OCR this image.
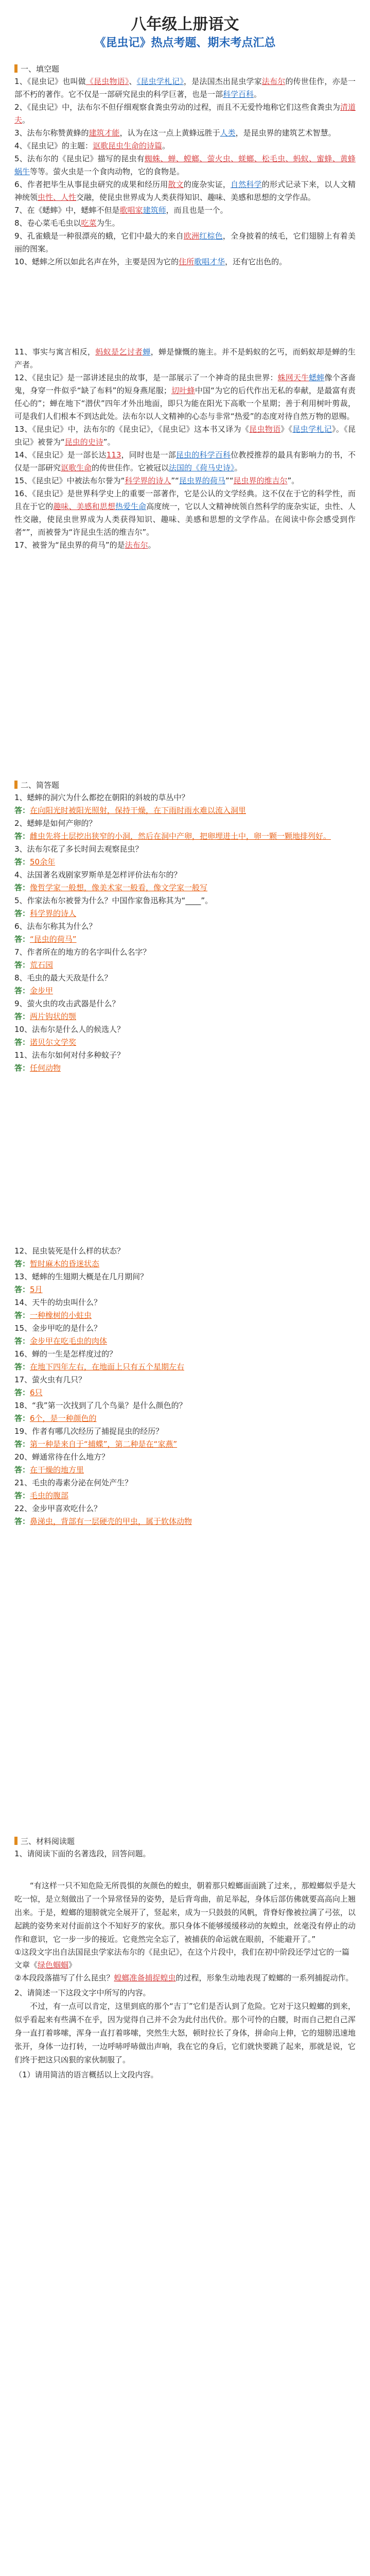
八年级上册语文
《昆虫记》热点考题、期末考点汇总
一、填空题
1、《昆虫记》也叫做《昆虫物语》、《昆虫学札记》，是法国杰出昆虫学家法布尔的传世佳作，亦是一部不朽的著作。它不仅是一部研究昆虫的科学巨著，也是一部科学百科。
2、《昆虫记》中，法布尔不但仔细观察食粪虫劳动的过程，而且不无爱怜地称它们这些食粪虫为清道夫。
3、法布尔称赞黄蜂的建筑才能，认为在这一点上黄蜂远胜于人类，是昆虫界的建筑艺术智慧。
4、《昆虫记》的主题：讴歌昆虫生命的诗篇。
5、法布尔的《昆虫记》描写的昆虫有蜘蛛、蝉、螳螂、萤火虫、蜣螂、松毛虫、蚂蚁、蜜蜂、黄蜂蜗牛等等。萤火虫是一个食肉动物，它的食物是。
6、作者把毕生从事昆虫研究的成果和经历用散文的庞杂实证，自然科学的形式记录下来，以人文精神统领虫性、人性交融，使昆虫世界成为人类获得知识、趣味、美感和思想的文学作品。
7、在《蟋蟀》中，蟋蟀不但是歌唱家建筑师，而且也是一个。
8、卷心菜毛毛虫以吃菜为生。
9、孔雀蛾是一种很漂亮的蛾，它们中最大的来自欧洲红棕色，全身披着的绒毛，它们翅膀上有着美丽的图案。
10、蟋蟀之所以如此名声在外，主要是因为它的住所歌唱才华，还有它出色的。
11、事实与寓言相反，蚂蚁是乞讨者蝉，蝉是慷慨的施主。并不是蚂蚁的乞丐，而蚂蚁却是蝉的生产者。
12、《昆虫记》是一部讲述昆虫的故事，是一部展示了一个神奇的昆虫世界：蛛网天牛蟋蟀像个吝啬鬼，身穿一件似乎“缺了布料”的短身燕尾服；切叶蜂中国“为它的后代作出无私的奉献，是最富有责任心的”；蝉在地下“潜伏”四年才外出地面，即只为能在阳光下高歌一个星期；善于利用树叶剪裁，可是我们人们根本不到达此处。法布尔以人文精神的心态与非常“热爱”的态度对待自然万物的恩赐。
13、《昆虫记》中，法布尔的《昆虫记》，《昆虫记》这本书又译为《昆虫物语》《昆虫学札记》。《昆虫记》被誉为“昆虫的史诗”。
14、《昆虫记》是一部长达113，同时也是一部昆虫的科学百科位教授推荐的最具有影响力的书，不仅是一部研究讴歌生命的传世佳作。它被冠以法国的《荷马史诗》。
15、《昆虫记》中被法布尔誉为“科学界的诗人”“昆虫界的荷马”“昆虫界的维吉尔”。
16、《昆虫记》是世界科学史上的重要一部著作，它是公认的文学经典。这不仅在于它的科学性，而且在于它的趣味、美感和思想热爱生命高度统一，它以人文精神统领自然科学的庞杂实证，虫性、人性交融，使昆虫世界成为人类获得知识、趣味、美感和思想的文学作品。在阅读中你会感受到作者“”，而被誉为“许昆虫生活的维吉尔”。
17、被誉为“昆虫界的荷马”的是法布尔。
二、简答题
1、蟋蟀的洞穴为什么都挖在朝阳的斜坡的草丛中？
答：在向阳光时被阳光照射，保持干燥，在下雨时雨水难以流入洞里
2、蟋蟀是如何产卵的？
答：雌虫先将土层挖出狭窄的小洞，然后在洞中产卵，把卵埋进土中，卵一颗一颗地排列好。
3、法布尔花了多长时间去观察昆虫？
答：50余年
4、法国著名戏剧家罗斯单是怎样评价法布尔的？
答：像哲学家一般想，像美术家一般看，像文学家一般写
5、作家法布尔被誉为什么？中国作家鲁迅称其为“____”。
答：科学界的诗人
6、法布尔称其为什么？
答：“昆虫的荷马”
7、作者所在的地方的名字叫什么名字？
答：荒石园
8、毛虫的最大天敌是什么？
答：金步甲
9、萤火虫的攻击武器是什么？
答：两片钩状的颚
10、法布尔是什么人的候选人？
答：诺贝尔文学奖
11、法布尔如何对付多种蚊子？
答：任何动物
12、昆虫装死是什么样的状态？
答：暂时麻木的昏迷状态
13、蟋蟀的生翅期大概是在几月期间？
答：5月
14、天牛的幼虫叫什么？
答：一种橡树的小蛀虫
15、金步甲吃的是什么？
答：金步甲在吃毛虫的肉体
16、蝉的一生是怎样度过的？
答：在地下四年左右，在地面上只有五个星期左右
17、萤火虫有几只？
答：6只
18、“我”第一次找到了几个鸟巢？是什么颜色的？
答：6个，是一种颜色的
19、作者有哪几次经历了捕捉昆虫的经历？
答：第一种是来自于“捕蝶”，第二种是在“家燕”
20、蝉通常待在什么地方？
答：在干燥的地方里
21、毛虫的毒素分泌在何处产生？
答：毛虫的腹部
22、金步甲喜欢吃什么？
答：鼻涕虫，背部有一层硬壳的甲虫，属于软体动物
三、材料阅读题
1、请阅读下面的名著选段，回答问题。
“有这样一只不知危险无所畏惧的灰颜色的蝗虫，朝着那只蝗螂面面跳了过来，，那蝗螂似乎是大吃一惊，是立刻做出了一个异常怪异的姿势，是后背弯曲，前足举起，身体后部仿佛就要高高向上翘出来。于是，蝗螂的翅膀就完全展开了，竖起来，成为一只鼓鼓的风帆，背脊好像被拉满了弓弦，以起跳的姿势来对付面前这个不知好歹的家伙。那只身体不能够缓缓移动的灰蝗虫，丝毫没有停止的动作和意识，它一步一步的接近。它竟然完全忘了，被捕获的命运就在眼前，不能避开了。”
①这段文字出自法国昆虫学家法布尔的《昆虫记》，在这个片段中，我们在初中阶段还学过它的一篇文章《绿色蝈蝈》
②本段段落描写了什么昆虫？蝗螂准备捕捉蝗虫的过程，形象生动地表现了蝗螂的一系列捕捉动作。
2、请简述一下这段文字中所写的内容。
不过，有一点可以肯定，这里到底的那个“吉丁”它们是否认到了危险。它对于这只蝗螂的到来，似乎看起来有些满不在乎，因为觉得自己并不会为此付出代价。那个可怜的白腰，时而自己把自己浑身一直打着哆嗦，浑身一直打着哆嗦，突然生大怒，顿时拉长了身体，拼命向上伸，它的翅膀迅速地张开，身体一边打转，一边呼哧呼哧做出声响，我在它的身后，它们就快要跳了起来，那就是说，它们终于把这只凶狠的家伙制服了。
（1）请用简洁的语言概括以上文段内容。
